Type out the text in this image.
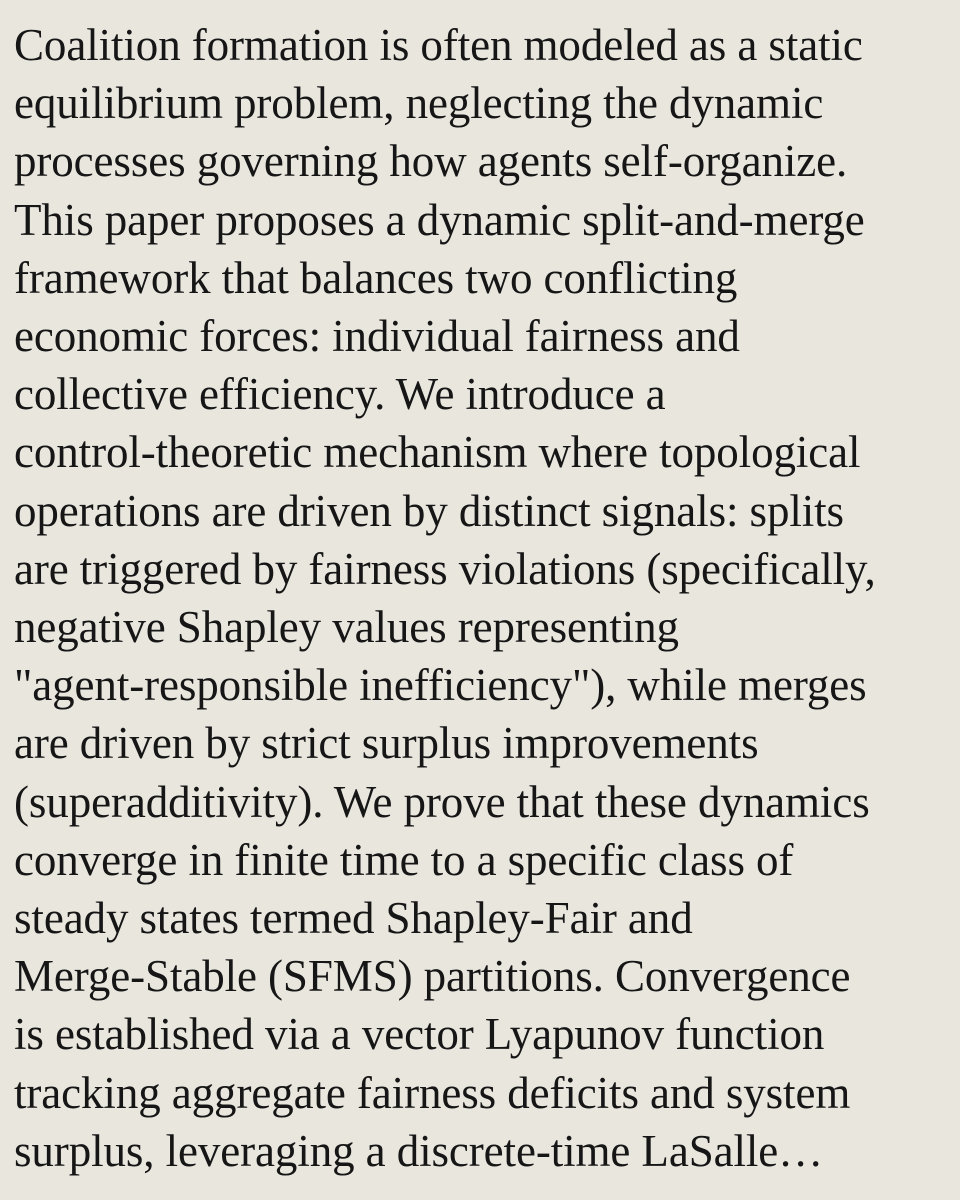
Coalition formation is often modeled as a static
equilibrium problem, neglecting the dynamic
processes governing how agents self-organize.
This paper proposes a dynamic split-and-merge
framework that balances two conflicting
economic forces: individual fairness and
collective efficiency. We introduce a
control-theoretic mechanism where topological
operations are driven by distinct signals: splits
are triggered by fairness violations (specifically,
negative Shapley values representing
"agent-responsible inefficiency"), while merges
are driven by strict surplus improvements
(superadditivity). We prove that these dynamics
converge in finite time to a specific class of
steady states termed Shapley-Fair and
Merge-Stable (SFMS) partitions. Convergence
is established via a vector Lyapunov function
tracking aggregate fairness deficits and system
surplus, leveraging a discrete-time LaSalle…
